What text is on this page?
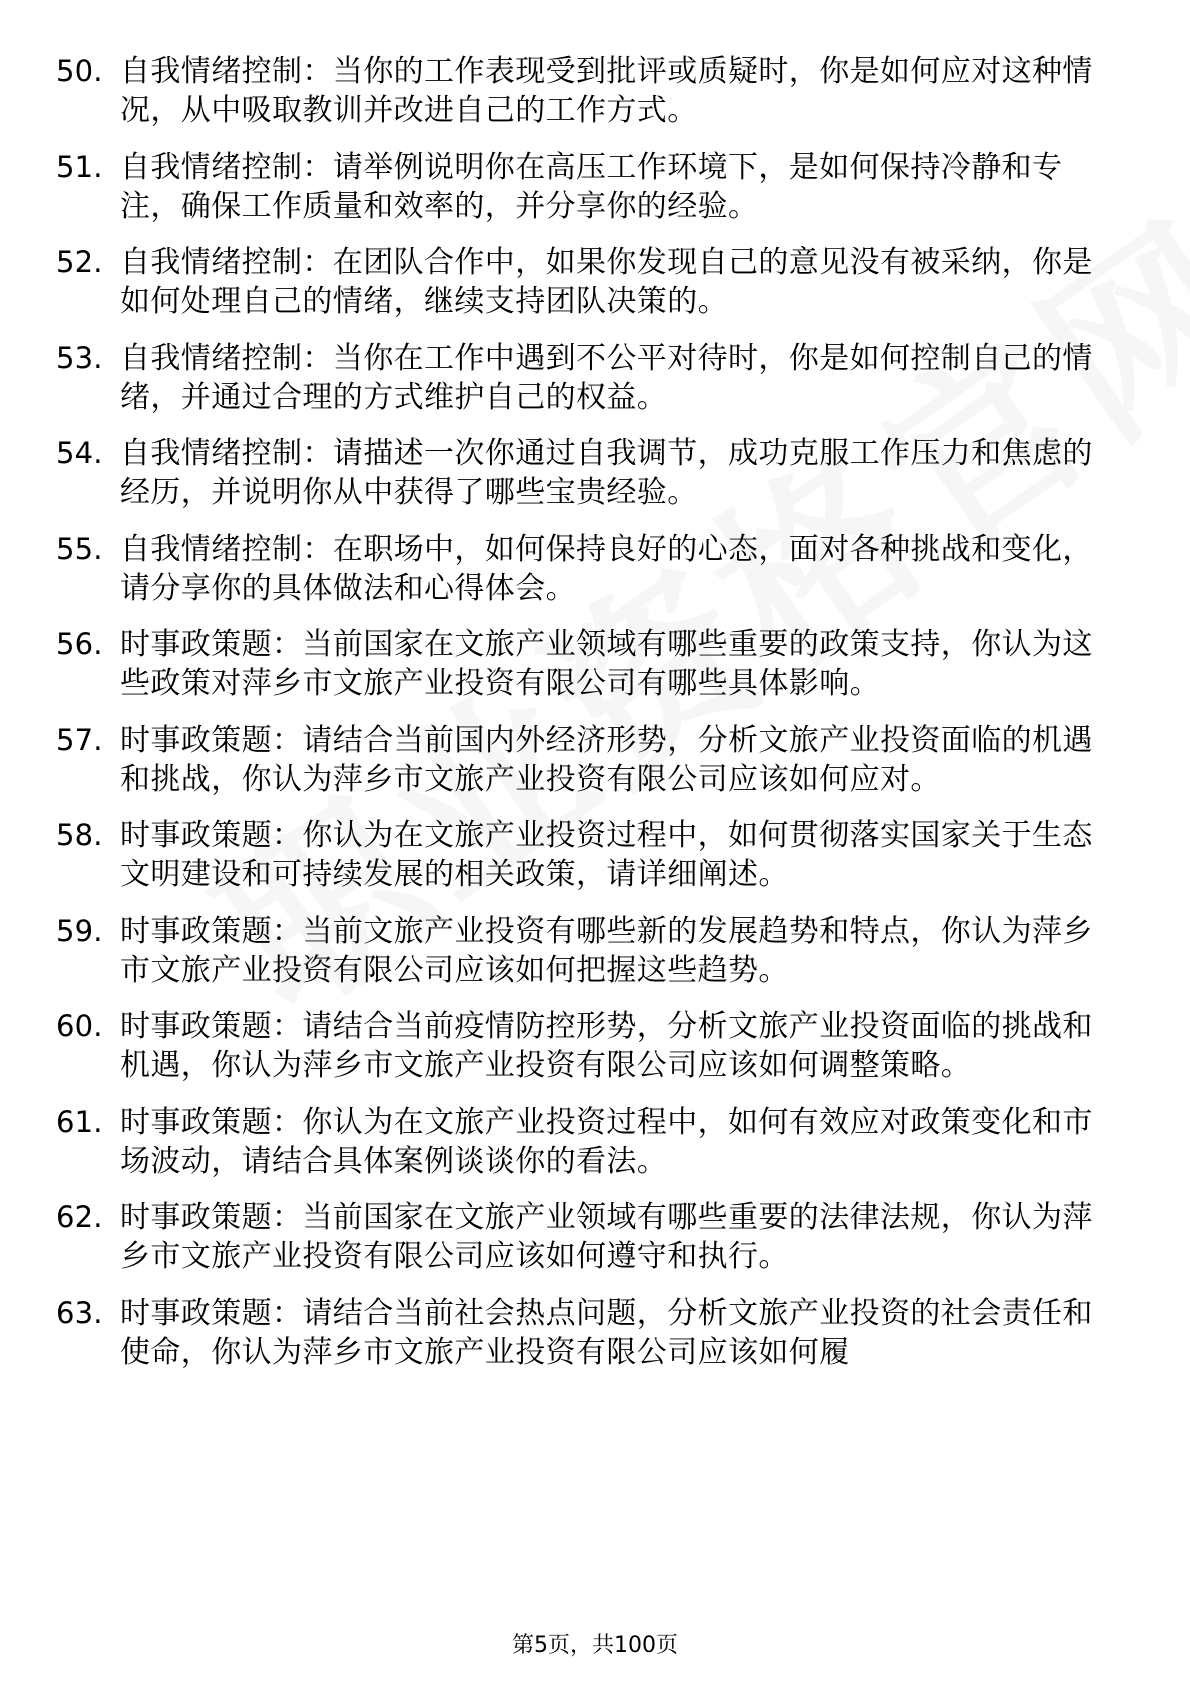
50. 自我情绪控制：当你的工作表现受到批评或质疑时，你是如何应对这种情况，从中吸取教训并改进自己的工作方式。
51. 自我情绪控制：请举例说明你在高压工作环境下，是如何保持冷静和专注，确保工作质量和效率的，并分享你的经验。
52. 自我情绪控制：在团队合作中，如果你发现自己的意见没有被采纳，你是如何处理自己的情绪，继续支持团队决策的。
53. 自我情绪控制：当你在工作中遇到不公平对待时，你是如何控制自己的情绪，并通过合理的方式维护自己的权益。
54. 自我情绪控制：请描述一次你通过自我调节，成功克服工作压力和焦虑的经历，并说明你从中获得了哪些宝贵经验。
55. 自我情绪控制：在职场中，如何保持良好的心态，面对各种挑战和变化，请分享你的具体做法和心得体会。
56. 时事政策题：当前国家在文旅产业领域有哪些重要的政策支持，你认为这些政策对萍乡市文旅产业投资有限公司有哪些具体影响。
57. 时事政策题：请结合当前国内外经济形势，分析文旅产业投资面临的机遇和挑战，你认为萍乡市文旅产业投资有限公司应该如何应对。
58. 时事政策题：你认为在文旅产业投资过程中，如何贯彻落实国家关于生态文明建设和可持续发展的相关政策，请详细阐述。
59. 时事政策题：当前文旅产业投资有哪些新的发展趋势和特点，你认为萍乡市文旅产业投资有限公司应该如何把握这些趋势。
60. 时事政策题：请结合当前疫情防控形势，分析文旅产业投资面临的挑战和机遇，你认为萍乡市文旅产业投资有限公司应该如何调整策略。
61. 时事政策题：你认为在文旅产业投资过程中，如何有效应对政策变化和市场波动，请结合具体案例谈谈你的看法。
62. 时事政策题：当前国家在文旅产业领域有哪些重要的法律法规，你认为萍乡市文旅产业投资有限公司应该如何遵守和执行。
63. 时事政策题：请结合当前社会热点问题，分析文旅产业投资的社会责任和使命，你认为萍乡市文旅产业投资有限公司应该如何履
第5页，共100页
